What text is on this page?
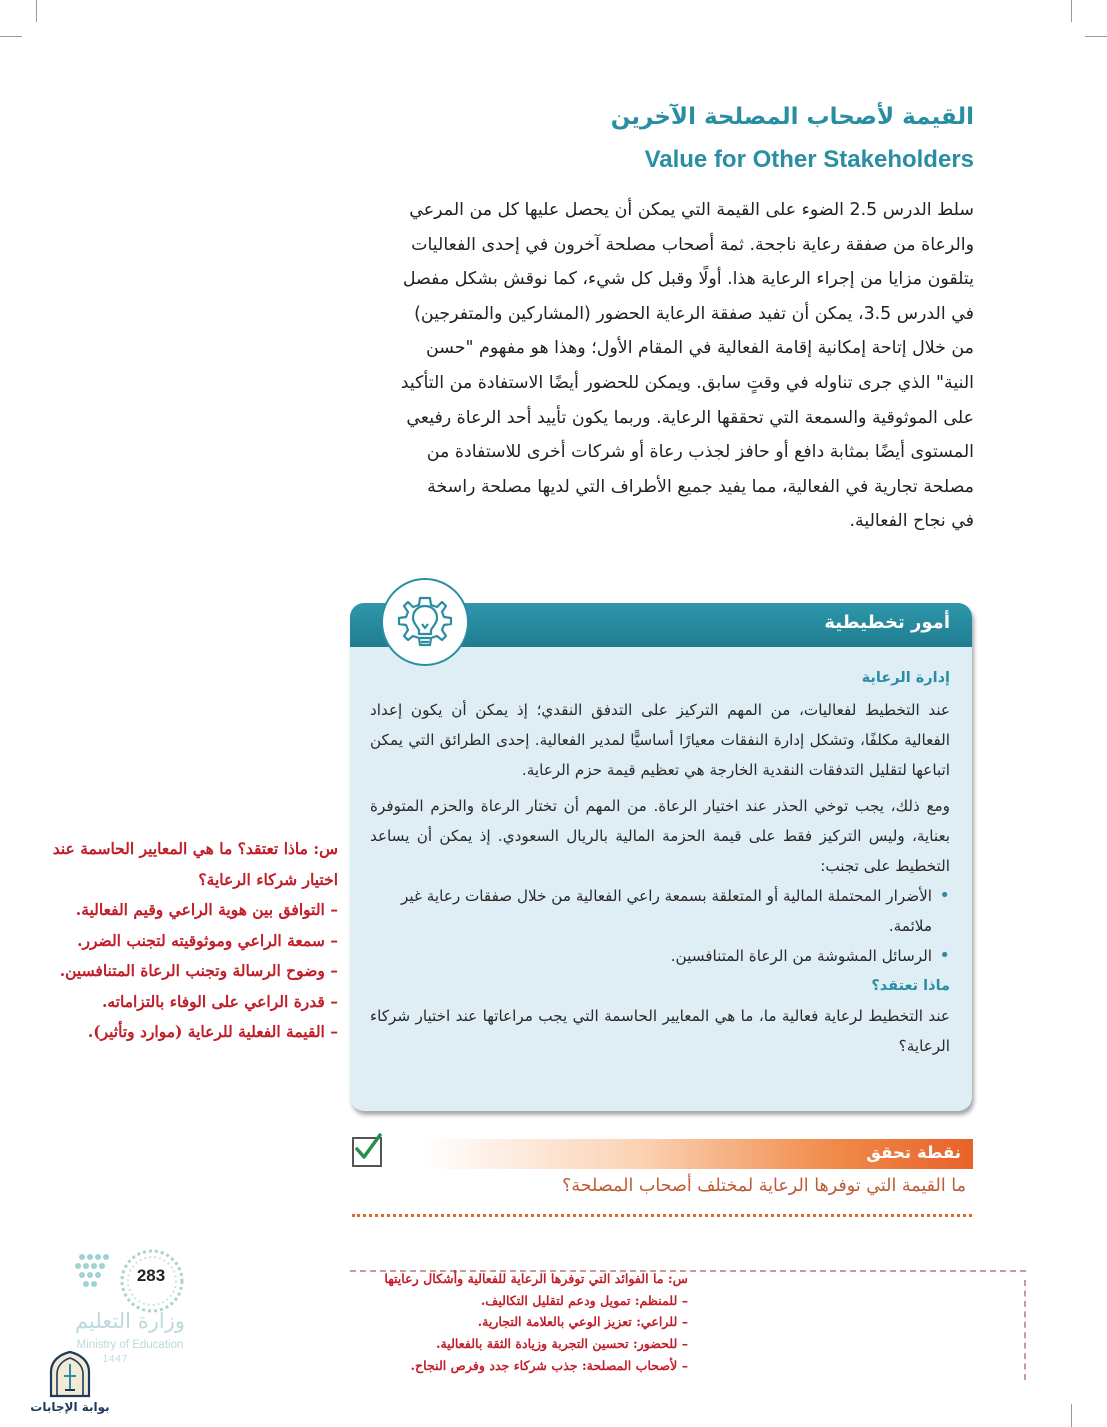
القيمة لأصحاب المصلحة الآخرين
Value for Other Stakeholders
سلط الدرس 2.5 الضوء على القيمة التي يمكن أن يحصل عليها كل من المرعي
والرعاة من صفقة رعاية ناجحة. ثمة أصحاب مصلحة آخرون في إحدى الفعاليات
يتلقون مزايا من إجراء الرعاية هذا. أولًا وقبل كل شيء، كما نوقش بشكل مفصل
في الدرس 3.5، يمكن أن تفيد صفقة الرعاية الحضور (المشاركين والمتفرجين)
من خلال إتاحة إمكانية إقامة الفعالية في المقام الأول؛ وهذا هو مفهوم "حسن
النية" الذي جرى تناوله في وقتٍ سابق. ويمكن للحضور أيضًا الاستفادة من التأكيد
على الموثوقية والسمعة التي تحققها الرعاية. وربما يكون تأييد أحد الرعاة رفيعي
المستوى أيضًا بمثابة دافع أو حافز لجذب رعاة أو شركات أخرى للاستفادة من
مصلحة تجارية في الفعالية، مما يفيد جميع الأطراف التي لديها مصلحة راسخة
في نجاح الفعالية.
أمور تخطيطية
إدارة الرعاية
عند التخطيط لفعاليات، من المهم التركيز على التدفق النقدي؛ إذ يمكن أن يكون إعداد الفعالية مكلفًا، وتشكل إدارة النفقات معيارًا أساسيًّا لمدير الفعالية. إحدى الطرائق التي يمكن اتباعها لتقليل التدفقات النقدية الخارجة هي تعظيم قيمة حزم الرعاية.
ومع ذلك، يجب توخي الحذر عند اختيار الرعاة. من المهم أن تختار الرعاة والحزم المتوفرة بعناية، وليس التركيز فقط على قيمة الحزمة المالية بالريال السعودي. إذ يمكن أن يساعد التخطيط على تجنب:
• الأضرار المحتملة المالية أو المتعلقة بسمعة راعي الفعالية من خلال صفقات رعاية غير ملائمة.
• الرسائل المشوشة من الرعاة المتنافسين.
ماذا تعتقد؟
عند التخطيط لرعاية فعالية ما، ما هي المعايير الحاسمة التي يجب مراعاتها عند اختيار شركاء الرعاية؟
س: ماذا تعتقد؟ ما هي المعايير الحاسمة عند اختيار شركاء الرعاية؟
– التوافق بين هوية الراعي وقيم الفعالية.
– سمعة الراعي وموثوقيته لتجنب الضرر.
– وضوح الرسالة وتجنب الرعاة المتنافسين.
– قدرة الراعي على الوفاء بالتزاماته.
– القيمة الفعلية للرعاية (موارد وتأثير).
نقطة تحقق
ما القيمة التي توفرها الرعاية لمختلف أصحاب المصلحة؟
س: ما الفوائد التي توفرها الرعاية للفعالية وأشكال رعايتها
– للمنظم: تمويل ودعم لتقليل التكاليف.
– للراعي: تعزيز الوعي بالعلامة التجارية.
– للحضور: تحسين التجربة وزيادة الثقة بالفعالية.
– لأصحاب المصلحة: جذب شركاء جدد وفرص النجاح.
283
وزارة التعليم
Ministry of Education
1447
بوابة الإجابات
